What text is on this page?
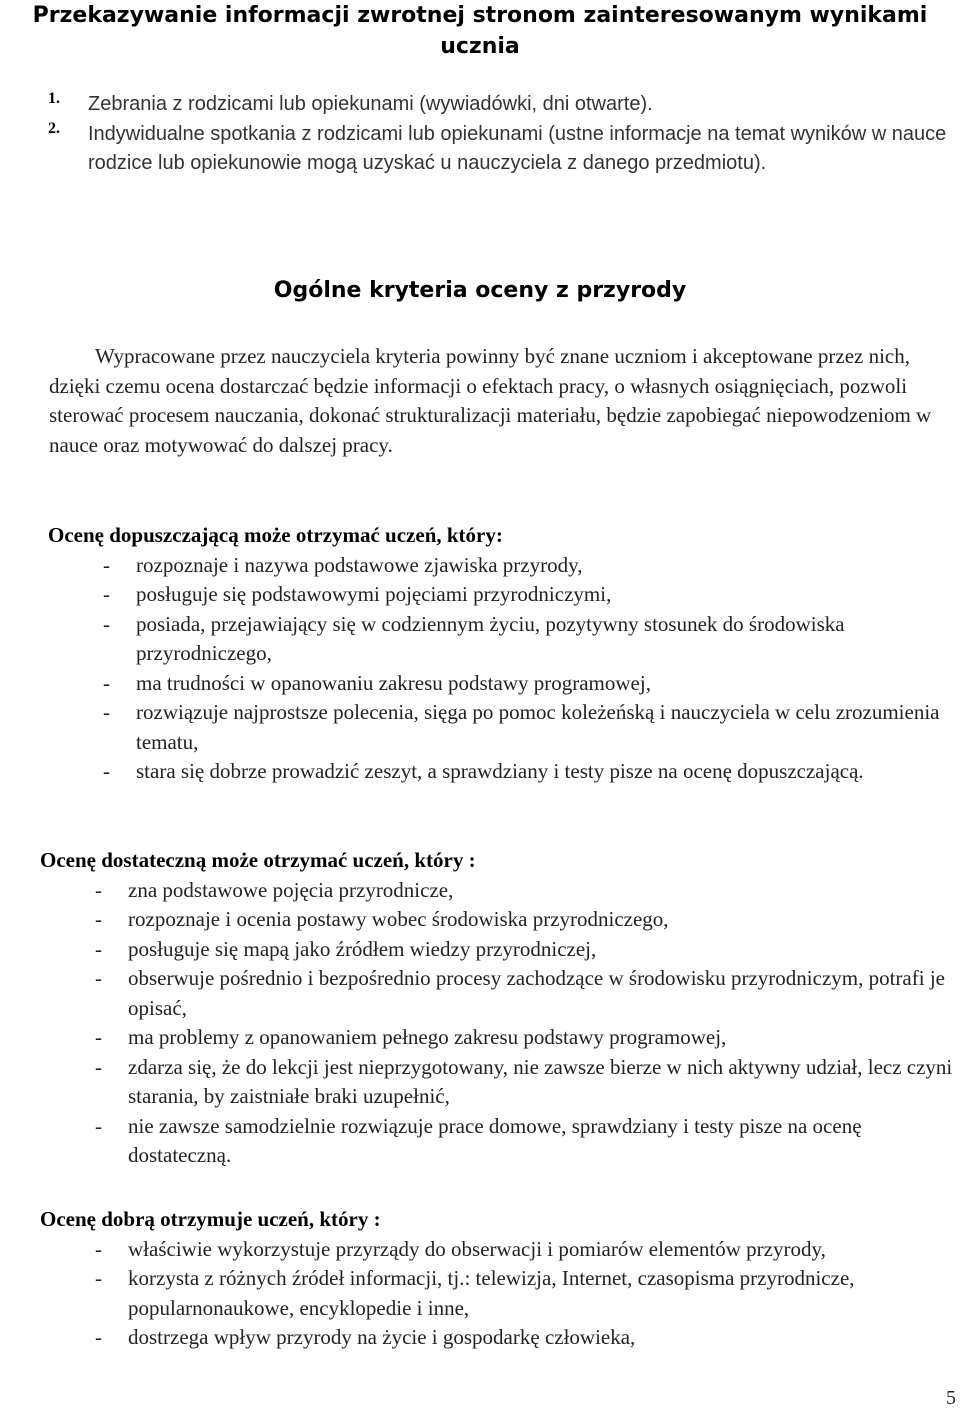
Przekazywanie informacji zwrotnej stronom zainteresowanym wynikami
ucznia
1. Zebrania z rodzicami lub opiekunami (wywiadówki, dni otwarte).
2. Indywidualne spotkania z rodzicami lub opiekunami (ustne informacje na temat wyników w nauce rodzice lub opiekunowie mogą uzyskać u nauczyciela z danego przedmiotu).
Ogólne kryteria oceny z przyrody

Wypracowane przez nauczyciela kryteria powinny być znane uczniom i akceptowane przez nich, dzięki czemu ocena dostarczać będzie informacji o efektach pracy, o własnych osiągnięciach, pozwoli sterować procesem nauczania, dokonać strukturalizacji materiału, będzie zapobiegać niepowodzeniom w nauce oraz motywować do dalszej pracy.

Ocenę dopuszczającą może otrzymać uczeń, który:
- rozpoznaje i nazywa podstawowe zjawiska przyrody,
- posługuje się podstawowymi pojęciami przyrodniczymi,
- posiada, przejawiający się w codziennym życiu, pozytywny stosunek do środowiska przyrodniczego,
- ma trudności w opanowaniu zakresu podstawy programowej,
- rozwiązuje najprostsze polecenia, sięga po pomoc koleżeńską i nauczyciela w celu zrozumienia tematu,
- stara się dobrze prowadzić zeszyt, a sprawdziany i testy pisze na ocenę dopuszczającą.
Ocenę dostateczną może otrzymać uczeń, który :
- zna podstawowe pojęcia przyrodnicze,
- rozpoznaje i ocenia postawy wobec środowiska przyrodniczego,
- posługuje się mapą jako źródłem wiedzy przyrodniczej,
- obserwuje pośrednio i bezpośrednio procesy zachodzące w środowisku przyrodniczym, potrafi je opisać,
- ma problemy z opanowaniem pełnego zakresu podstawy programowej,
- zdarza się, że do lekcji jest nieprzygotowany, nie zawsze bierze w nich aktywny udział, lecz czyni starania, by zaistniałe braki uzupełnić,
- nie zawsze samodzielnie rozwiązuje prace domowe, sprawdziany i testy pisze na ocenę dostateczną.
Ocenę dobrą otrzymuje uczeń, który :
- właściwie wykorzystuje przyrządy do obserwacji i pomiarów elementów przyrody,
- korzysta z różnych źródeł informacji, tj.: telewizja, Internet, czasopisma przyrodnicze, popularnonaukowe, encyklopedie i inne,
- dostrzega wpływ przyrody na życie i gospodarkę człowieka,
5
